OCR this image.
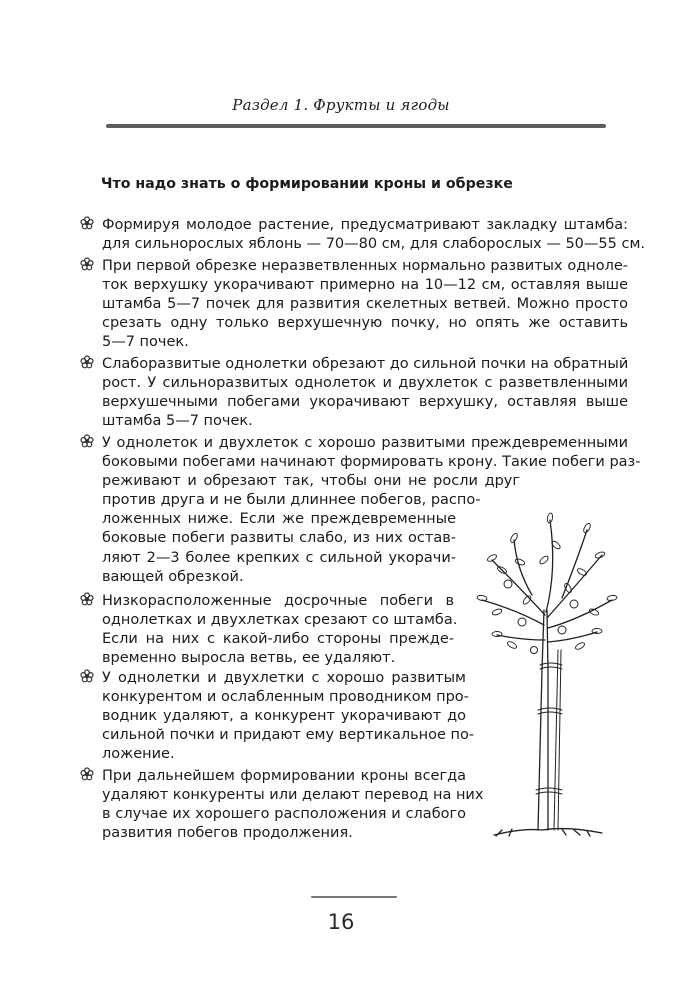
Раздел 1. Фрукты и ягоды
Что надо знать о формировании кроны и обрезке
Формируя молодое растение, предусматривают закладку штамба:
для сильнорослых яблонь — 70—80 см, для слаборослых — 50—55 см.
При первой обрезке неразветвленных нормально развитых одноле-
ток верхушку укорачивают примерно на 10—12 см, оставляя выше
штамба 5—7 почек для развития скелетных ветвей. Можно просто
срезать одну только верхушечную почку, но опять же оставить
5—7 почек.
Слаборазвитые однолетки обрезают до сильной почки на обратный
рост. У сильноразвитых однолеток и двухлеток с разветвленными
верхушечными побегами укорачивают верхушку, оставляя выше
штамба 5—7 почек.
У однолеток и двухлеток с хорошо развитыми преждевременными
боковыми побегами начинают формировать крону. Такие побеги раз-
реживают и обрезают так, чтобы они не росли друг
против друга и не были длиннее побегов, распо-
ложенных ниже. Если же преждевременные
боковые побеги развиты слабо, из них остав-
ляют 2—3 более крепких с сильной укорачи-
вающей обрезкой.
Низкорасположенные досрочные побеги в
однолетках и двухлетках срезают со штамба.
Если на них с какой-либо стороны прежде-
временно выросла ветвь, ее удаляют.
У однолетки и двухлетки с хорошо развитым
конкурентом и ослабленным проводником про-
водник удаляют, а конкурент укорачивают до
сильной почки и придают ему вертикальное по-
ложение.
При дальнейшем формировании кроны всегда
удаляют конкуренты или делают перевод на них
в случае их хорошего расположения и слабого
развития побегов продолжения.
16
